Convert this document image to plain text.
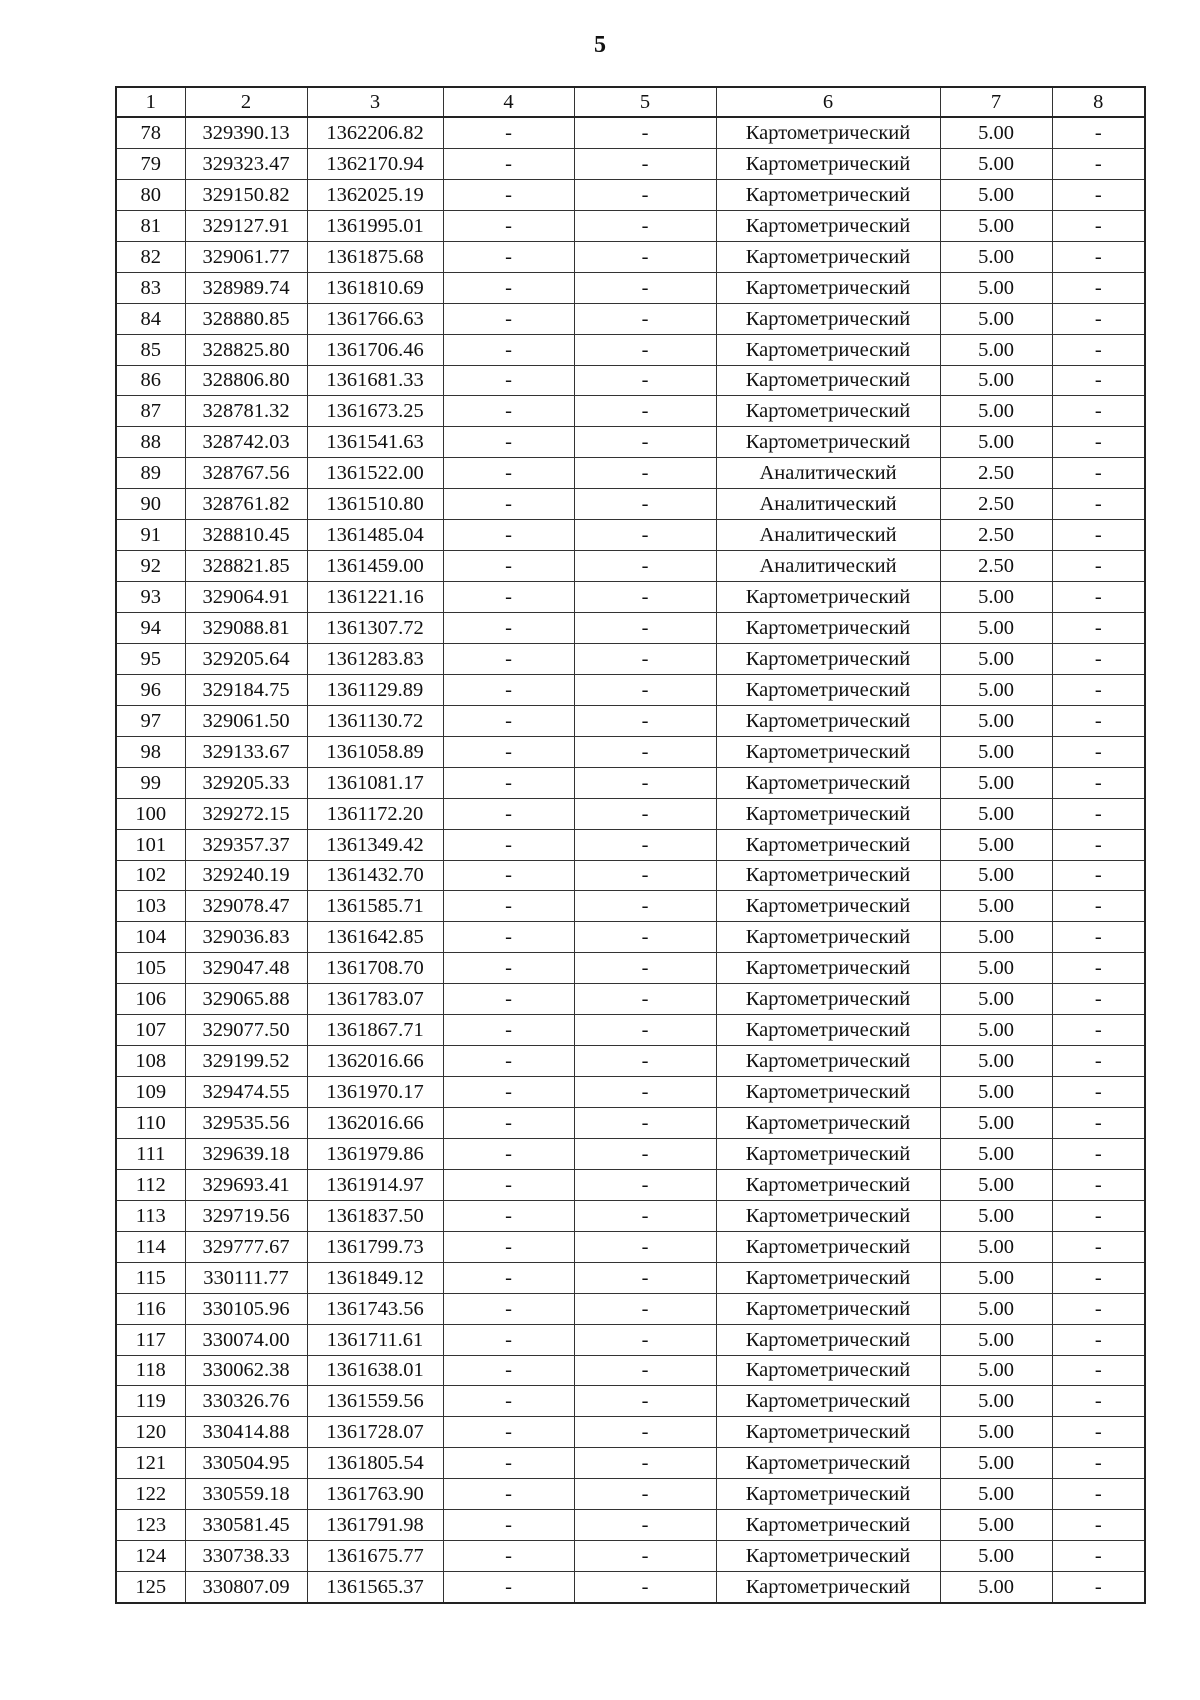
5
1	2	3	4	5	6	7	8
78	329390.13	1362206.82	-	-	Картометрический	5.00	-
79	329323.47	1362170.94	-	-	Картометрический	5.00	-
80	329150.82	1362025.19	-	-	Картометрический	5.00	-
81	329127.91	1361995.01	-	-	Картометрический	5.00	-
82	329061.77	1361875.68	-	-	Картометрический	5.00	-
83	328989.74	1361810.69	-	-	Картометрический	5.00	-
84	328880.85	1361766.63	-	-	Картометрический	5.00	-
85	328825.80	1361706.46	-	-	Картометрический	5.00	-
86	328806.80	1361681.33	-	-	Картометрический	5.00	-
87	328781.32	1361673.25	-	-	Картометрический	5.00	-
88	328742.03	1361541.63	-	-	Картометрический	5.00	-
89	328767.56	1361522.00	-	-	Аналитический	2.50	-
90	328761.82	1361510.80	-	-	Аналитический	2.50	-
91	328810.45	1361485.04	-	-	Аналитический	2.50	-
92	328821.85	1361459.00	-	-	Аналитический	2.50	-
93	329064.91	1361221.16	-	-	Картометрический	5.00	-
94	329088.81	1361307.72	-	-	Картометрический	5.00	-
95	329205.64	1361283.83	-	-	Картометрический	5.00	-
96	329184.75	1361129.89	-	-	Картометрический	5.00	-
97	329061.50	1361130.72	-	-	Картометрический	5.00	-
98	329133.67	1361058.89	-	-	Картометрический	5.00	-
99	329205.33	1361081.17	-	-	Картометрический	5.00	-
100	329272.15	1361172.20	-	-	Картометрический	5.00	-
101	329357.37	1361349.42	-	-	Картометрический	5.00	-
102	329240.19	1361432.70	-	-	Картометрический	5.00	-
103	329078.47	1361585.71	-	-	Картометрический	5.00	-
104	329036.83	1361642.85	-	-	Картометрический	5.00	-
105	329047.48	1361708.70	-	-	Картометрический	5.00	-
106	329065.88	1361783.07	-	-	Картометрический	5.00	-
107	329077.50	1361867.71	-	-	Картометрический	5.00	-
108	329199.52	1362016.66	-	-	Картометрический	5.00	-
109	329474.55	1361970.17	-	-	Картометрический	5.00	-
110	329535.56	1362016.66	-	-	Картометрический	5.00	-
111	329639.18	1361979.86	-	-	Картометрический	5.00	-
112	329693.41	1361914.97	-	-	Картометрический	5.00	-
113	329719.56	1361837.50	-	-	Картометрический	5.00	-
114	329777.67	1361799.73	-	-	Картометрический	5.00	-
115	330111.77	1361849.12	-	-	Картометрический	5.00	-
116	330105.96	1361743.56	-	-	Картометрический	5.00	-
117	330074.00	1361711.61	-	-	Картометрический	5.00	-
118	330062.38	1361638.01	-	-	Картометрический	5.00	-
119	330326.76	1361559.56	-	-	Картометрический	5.00	-
120	330414.88	1361728.07	-	-	Картометрический	5.00	-
121	330504.95	1361805.54	-	-	Картометрический	5.00	-
122	330559.18	1361763.90	-	-	Картометрический	5.00	-
123	330581.45	1361791.98	-	-	Картометрический	5.00	-
124	330738.33	1361675.77	-	-	Картометрический	5.00	-
125	330807.09	1361565.37	-	-	Картометрический	5.00	-
